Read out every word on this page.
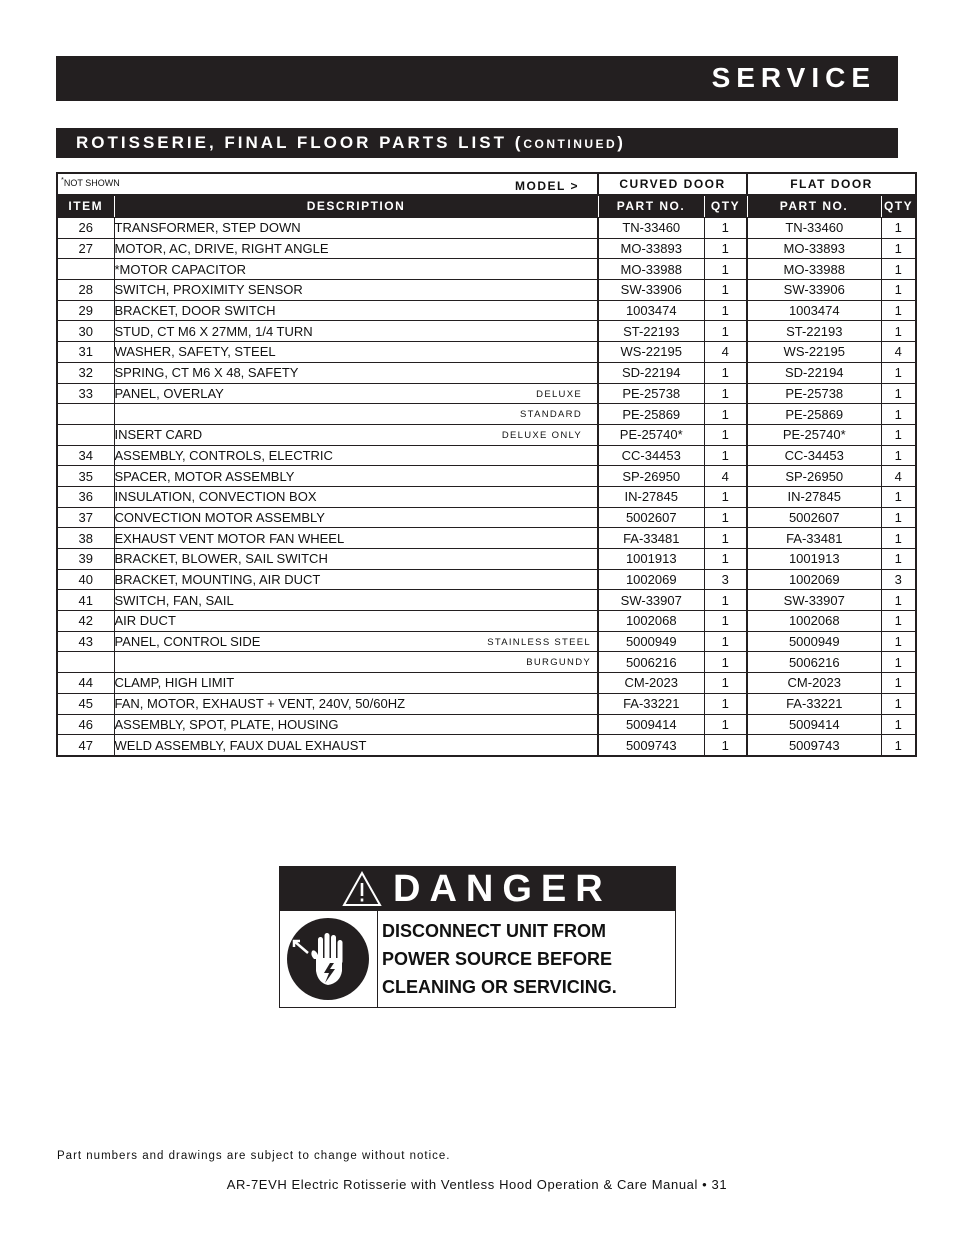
SERVICE
ROTISSERIE, FINAL FLOOR PARTS LIST (CONTINUED)
*NOT SHOWN MODEL >		CURVED DOOR		FLAT DOOR	
ITEM	DESCRIPTION	PART NO.	QTY	PART NO.	QTY
26	TRANSFORMER, STEP DOWN	TN-33460	1	TN-33460	1
27	MOTOR, AC, DRIVE, RIGHT ANGLE	MO-33893	1	MO-33893	1
	*MOTOR CAPACITOR	MO-33988	1	MO-33988	1
28	SWITCH, PROXIMITY SENSOR	SW-33906	1	SW-33906	1
29	BRACKET, DOOR SWITCH	1003474	1	1003474	1
30	STUD, CT M6 X 27MM, 1/4 TURN	ST-22193	1	ST-22193	1
31	WASHER, SAFETY, STEEL	WS-22195	4	WS-22195	4
32	SPRING, CT M6 X 48, SAFETY	SD-22194	1	SD-22194	1
33	PANEL, OVERLAY DELUXE	PE-25738	1	PE-25738	1

	STANDARD	PE-25869	1	PE-25869	1
	INSERT CARD DELUXE ONLY	PE-25740*	1	PE-25740*	1
34	ASSEMBLY, CONTROLS, ELECTRIC	CC-34453	1	CC-34453	1
35	SPACER, MOTOR ASSEMBLY	SP-26950	4	SP-26950	4
36	INSULATION, CONVECTION BOX	IN-27845	1	IN-27845	1
37	CONVECTION MOTOR ASSEMBLY	5002607	1	5002607	1
38	EXHAUST VENT MOTOR FAN WHEEL	FA-33481	1	FA-33481	1
39	BRACKET, BLOWER, SAIL SWITCH	1001913	1	1001913	1
40	BRACKET, MOUNTING, AIR DUCT	1002069	3	1002069	3
41	SWITCH, FAN, SAIL	SW-33907	1	SW-33907	1
42	AIR DUCT	1002068	1	1002068	1
43	PANEL, CONTROL SIDE STAINLESS STEEL	5000949	1	5000949	1

	BURGUNDY	5006216	1	5006216	1
44	CLAMP, HIGH LIMIT	CM-2023	1	CM-2023	1
45	FAN, MOTOR, EXHAUST + VENT, 240V, 50/60HZ	FA-33221	1	FA-33221	1
46	ASSEMBLY, SPOT, PLATE, HOUSING	5009414	1	5009414	1
47	WELD ASSEMBLY, FAUX DUAL EXHAUST	5009743	1	5009743	1
DANGER
DISCONNECT UNIT FROM
POWER SOURCE BEFORE
CLEANING OR SERVICING.
Part numbers and drawings are subject to change without notice.
AR-7EVH Electric Rotisserie with Ventless Hood Operation & Care Manual • 31
